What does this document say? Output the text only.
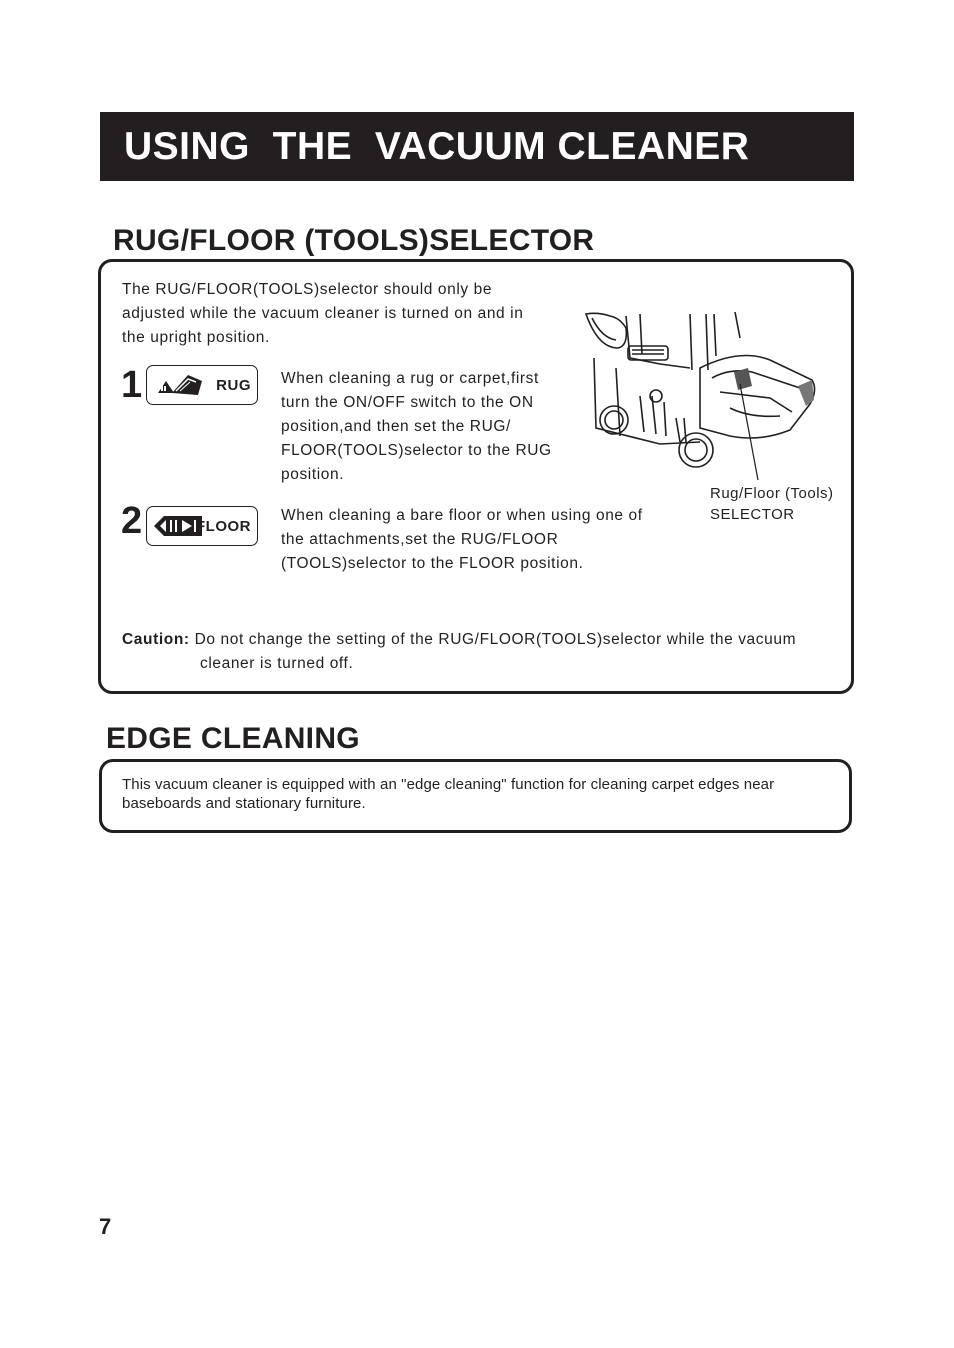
USING  THE  VACUUM CLEANER
RUG/FLOOR (TOOLS)SELECTOR

The RUG/FLOOR(TOOLS)selector should only be adjusted while the vacuum cleaner is turned on and in the upright position.

1	RUG When cleaning a rug or carpet,first turn the ON/OFF switch to the ON position,and then set the RUG/ FLOOR(TOOLS)selector to the RUG position.

2	FLOOR

When cleaning a bare floor or when using one of the attachments,set the RUG/FLOOR (TOOLS)selector to the FLOOR position.

Rug/Floor (Tools)
SELECTOR

Caution: Do not change the setting of the RUG/FLOOR(TOOLS)selector while the vacuum

cleaner is turned off.

EDGE CLEANING

This vacuum cleaner is equipped with an "edge cleaning" function for cleaning carpet edges near baseboards and stationary furniture.

7
